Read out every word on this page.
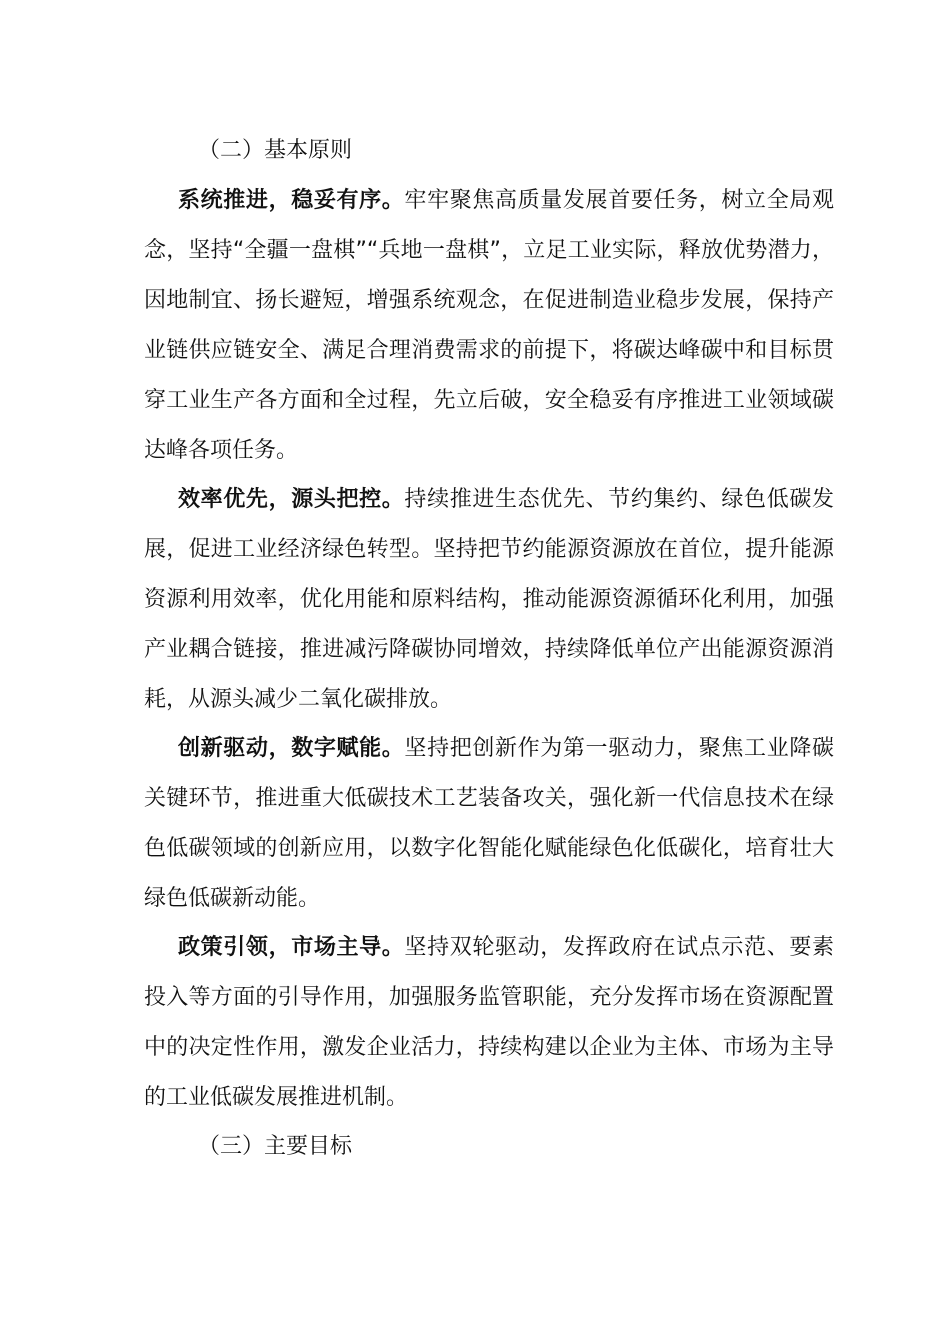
（二）基本原则

系统推进，稳妥有序。牢牢聚焦高质量发展首要任务，树立全局观念，坚持“全疆一盘棋”“兵地一盘棋”，立足工业实际，释放优势潜力，因地制宜、扬长避短，增强系统观念，在促进制造业稳步发展，保持产业链供应链安全、满足合理消费需求的前提下，将碳达峰碳中和目标贯穿工业生产各方面和全过程，先立后破，安全稳妥有序推进工业领域碳达峰各项任务。

效率优先，源头把控。持续推进生态优先、节约集约、绿色低碳发展，促进工业经济绿色转型。坚持把节约能源资源放在首位，提升能源资源利用效率，优化用能和原料结构，推动能源资源循环化利用，加强产业耦合链接，推进减污降碳协同增效，持续降低单位产出能源资源消耗，从源头减少二氧化碳排放。

创新驱动，数字赋能。坚持把创新作为第一驱动力，聚焦工业降碳关键环节，推进重大低碳技术工艺装备攻关，强化新一代信息技术在绿色低碳领域的创新应用，以数字化智能化赋能绿色化低碳化，培育壮大绿色低碳新动能。

政策引领，市场主导。坚持双轮驱动，发挥政府在试点示范、要素投入等方面的引导作用，加强服务监管职能，充分发挥市场在资源配置中的决定性作用，激发企业活力，持续构建以企业为主体、市场为主导的工业低碳发展推进机制。

（三）主要目标
